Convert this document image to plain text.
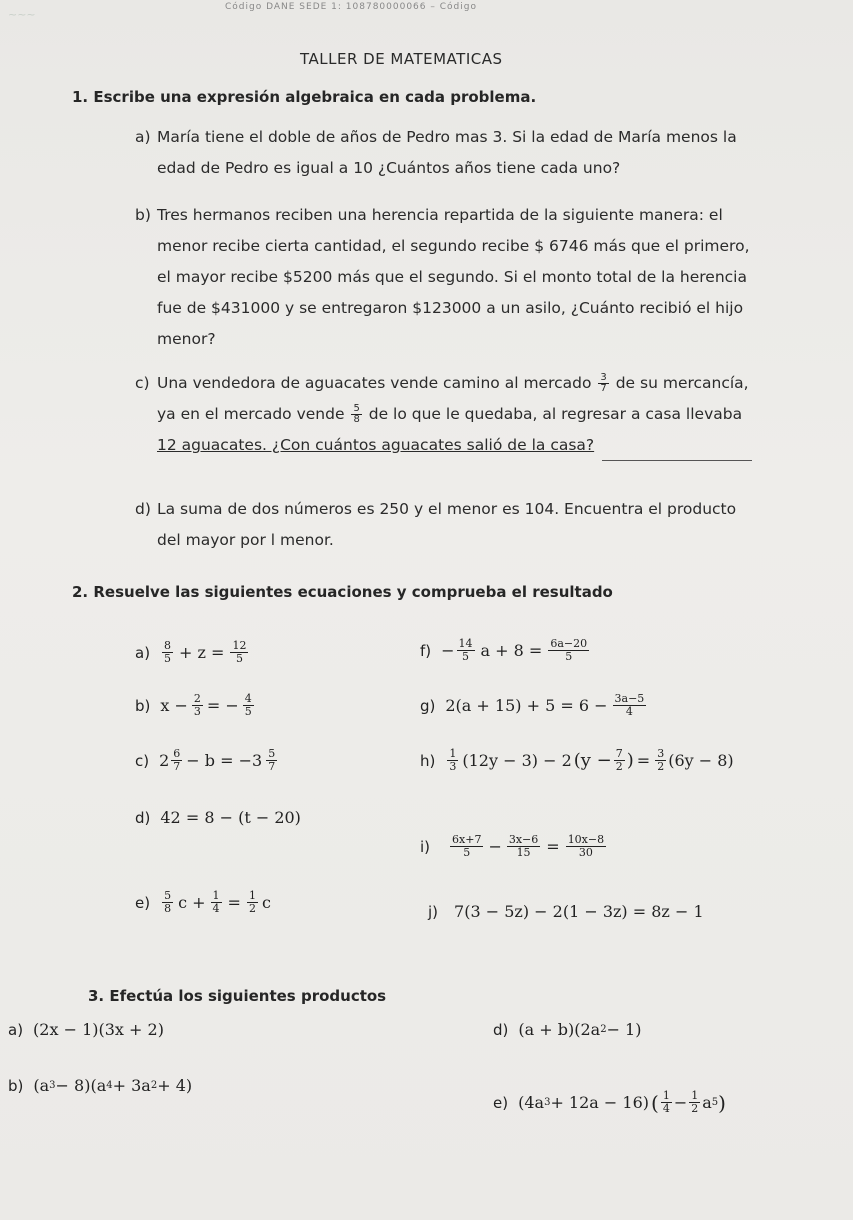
~~~
Código DANE SEDE 1: 108780000066 – Código
TALLER DE MATEMATICAS
1. Escribe una expresión algebraica en cada problema.
a) María tiene el doble de años de Pedro mas 3. Si la edad de María menos la
edad de Pedro es igual a 10 ¿Cuántos años tiene cada uno?
b) Tres hermanos reciben una herencia repartida de la siguiente manera: el
menor recibe cierta cantidad, el segundo recibe $ 6746 más que el primero,
el mayor recibe $5200 más que el segundo. Si el monto total de la herencia
fue de $431000 y se entregaron $123000 a un asilo, ¿Cuánto recibió el hijo
menor?
c) Una vendedora de aguacates vende camino al mercado $\frac{3}{7}$ de su mercancía,
ya en el mercado vende $\frac{5}{8}$ de lo que le quedaba, al regresar a casa llevaba
12 aguacates. ¿Con cuántos aguacates salió de la casa?
d) La suma de dos números es 250 y el menor es 104. Encuentra el producto
del mayor por l menor.
2. Resuelve las siguientes ecuaciones y comprueba el resultado
$a) \frac{8}{5} + z = \frac{12}{5}$
b) $x - \frac{2}{3}$ = − $\frac{4}{5}$
c) $2 \frac{6}{7} - b = -3 \frac{5}{7}$
d) 42 = 8 − (t − 20)
$e) \frac{5}{8}$ $c + \frac{1}{4} = \frac{1}{2}$ c
$f) - \frac{14}{5}$ $a + 8 = \frac{6a-20}{5}$
g) $2(a + 15) + 5 = 6 - \frac{3a-5}{4}$
$h) \frac{1}{3} (12y - 3) - 2$ ($y - \frac{7}{2}$ ) = $\frac{3}{2} (6y - 8)$
$i) \frac{6x+7}{5} - \frac{3x-6}{15} = \frac{10x-8}{30}$
j) 7(3 − 5z) − 2(1 − 3z) = 8z − 1
3. Efectúa los siguientes productos
a) (2x − 1)(3x + 2)
b) (a 3 − 8)(a 4 + 3a 2 + 4)
d) (a + b)(2a 2 − 1)
e) (4a 3 + 12a − 16) ( $\frac{1}{4} - \frac{1}{2}$ a 5 )
